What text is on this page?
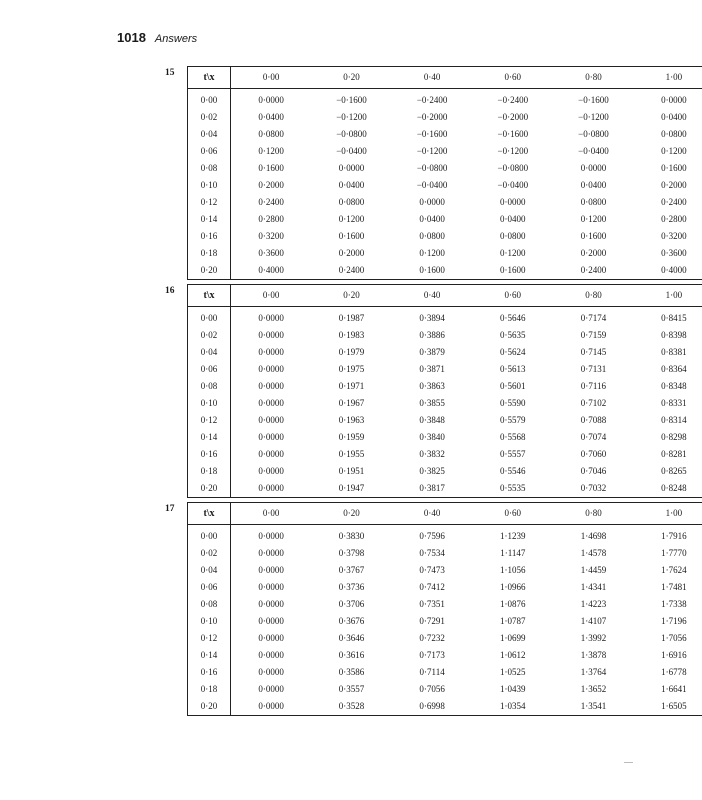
1018 Answers
15	t\x	0·00	0·20	0·40	0·60	0·80	1·00
0·00	0·0000	−0·1600	−0·2400	−0·2400	−0·1600	0·0000
0·02	0·0400	−0·1200	−0·2000	−0·2000	−0·1200	0·0400
0·04	0·0800	−0·0800	−0·1600	−0·1600	−0·0800	0·0800
0·06	0·1200	−0·0400	−0·1200	−0·1200	−0·0400	0·1200
0·08	0·1600	0·0000	−0·0800	−0·0800	0·0000	0·1600
0·10	0·2000	0·0400	−0·0400	−0·0400	0·0400	0·2000
0·12	0·2400	0·0800	0·0000	0·0000	0·0800	0·2400
0·14	0·2800	0·1200	0·0400	0·0400	0·1200	0·2800
0·16	0·3200	0·1600	0·0800	0·0800	0·1600	0·3200
0·18	0·3600	0·2000	0·1200	0·1200	0·2000	0·3600
0·20	0·4000	0·2400	0·1600	0·1600	0·2400	0·4000
16	t\x	0·00	0·20	0·40	0·60	0·80	1·00
0·00	0·0000	0·1987	0·3894	0·5646	0·7174	0·8415
0·02	0·0000	0·1983	0·3886	0·5635	0·7159	0·8398
0·04	0·0000	0·1979	0·3879	0·5624	0·7145	0·8381
0·06	0·0000	0·1975	0·3871	0·5613	0·7131	0·8364
0·08	0·0000	0·1971	0·3863	0·5601	0·7116	0·8348
0·10	0·0000	0·1967	0·3855	0·5590	0·7102	0·8331
0·12	0·0000	0·1963	0·3848	0·5579	0·7088	0·8314
0·14	0·0000	0·1959	0·3840	0·5568	0·7074	0·8298
0·16	0·0000	0·1955	0·3832	0·5557	0·7060	0·8281
0·18	0·0000	0·1951	0·3825	0·5546	0·7046	0·8265
0·20	0·0000	0·1947	0·3817	0·5535	0·7032	0·8248
17	t\x	0·00	0·20	0·40	0·60	0·80	1·00
0·00	0·0000	0·3830	0·7596	1·1239	1·4698	1·7916
0·02	0·0000	0·3798	0·7534	1·1147	1·4578	1·7770
0·04	0·0000	0·3767	0·7473	1·1056	1·4459	1·7624
0·06	0·0000	0·3736	0·7412	1·0966	1·4341	1·7481
0·08	0·0000	0·3706	0·7351	1·0876	1·4223	1·7338
0·10	0·0000	0·3676	0·7291	1·0787	1·4107	1·7196
0·12	0·0000	0·3646	0·7232	1·0699	1·3992	1·7056
0·14	0·0000	0·3616	0·7173	1·0612	1·3878	1·6916
0·16	0·0000	0·3586	0·7114	1·0525	1·3764	1·6778
0·18	0·0000	0·3557	0·7056	1·0439	1·3652	1·6641
0·20	0·0000	0·3528	0·6998	1·0354	1·3541	1·6505
